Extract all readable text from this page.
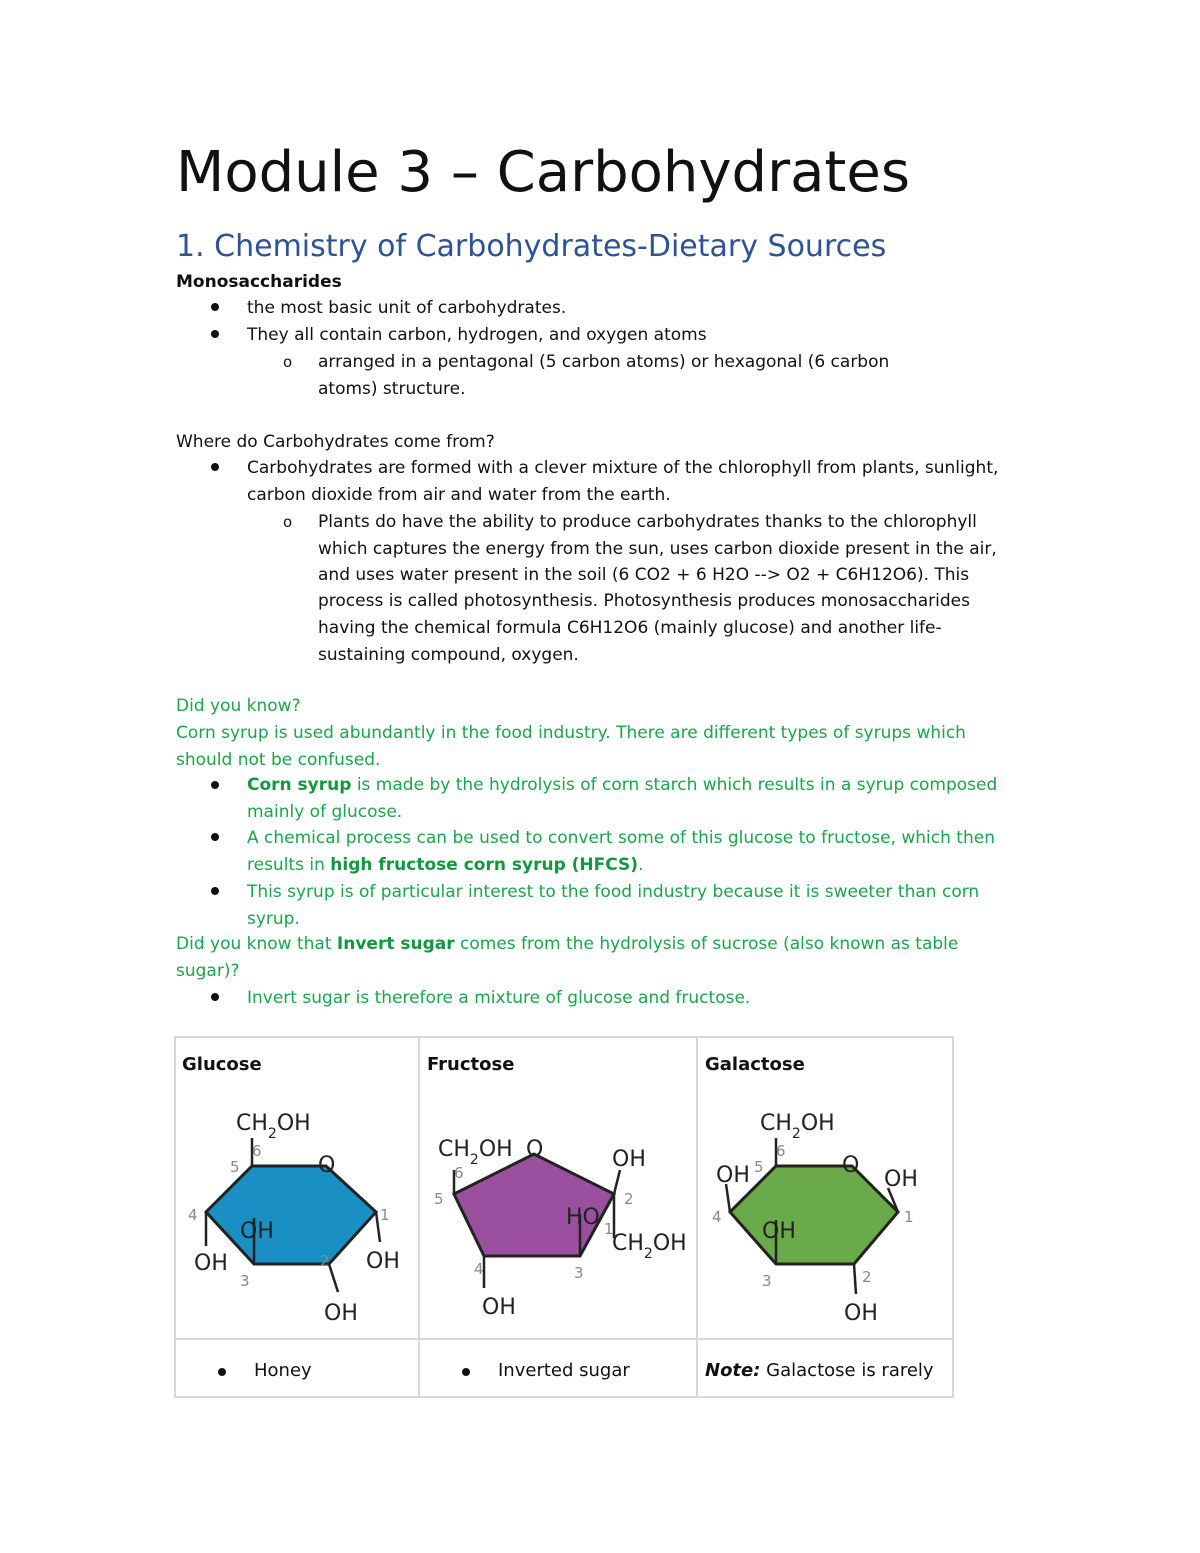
Module 3 – Carbohydrates
1. Chemistry of Carbohydrates-Dietary Sources
Monosaccharides
the most basic unit of carbohydrates.
They all contain carbon, hydrogen, and oxygen atoms
o arranged in a pentagonal (5 carbon atoms) or hexagonal (6 carbon
atoms) structure.
Where do Carbohydrates come from?
Carbohydrates are formed with a clever mixture of the chlorophyll from plants, sunlight,
carbon dioxide from air and water from the earth.
o Plants do have the ability to produce carbohydrates thanks to the chlorophyll
which captures the energy from the sun, uses carbon dioxide present in the air,
and uses water present in the soil (6 CO2 + 6 H2O --> O2 + C6H12O6). This
process is called photosynthesis. Photosynthesis produces monosaccharides
having the chemical formula C6H12O6 (mainly glucose) and another life-
sustaining compound, oxygen.
Did you know?
Corn syrup is used abundantly in the food industry. There are different types of syrups which
should not be confused.
Corn syrup is made by the hydrolysis of corn starch which results in a syrup composed
mainly of glucose.
A chemical process can be used to convert some of this glucose to fructose, which then
results in high fructose corn syrup (HFCS).
This syrup is of particular interest to the food industry because it is sweeter than corn
syrup.
Did you know that Invert sugar comes from the hydrolysis of sucrose (also known as table
sugar)?
Invert sugar is therefore a mixture of glucose and fructose.
Glucose	Fructose	Galactose
$CH_2OH$
O
6
5
4	1
2
3
OH
OH	OH
OH
$CH_2OH$ O	OH
HO
$CH_2OH$
6
5	2
1
4	3
OH
$CH_2OH$
O
OH	OH
OH
OH
6
5
4	1
2
3
Honey	Inverted sugar	Note: Galactose is rarely
